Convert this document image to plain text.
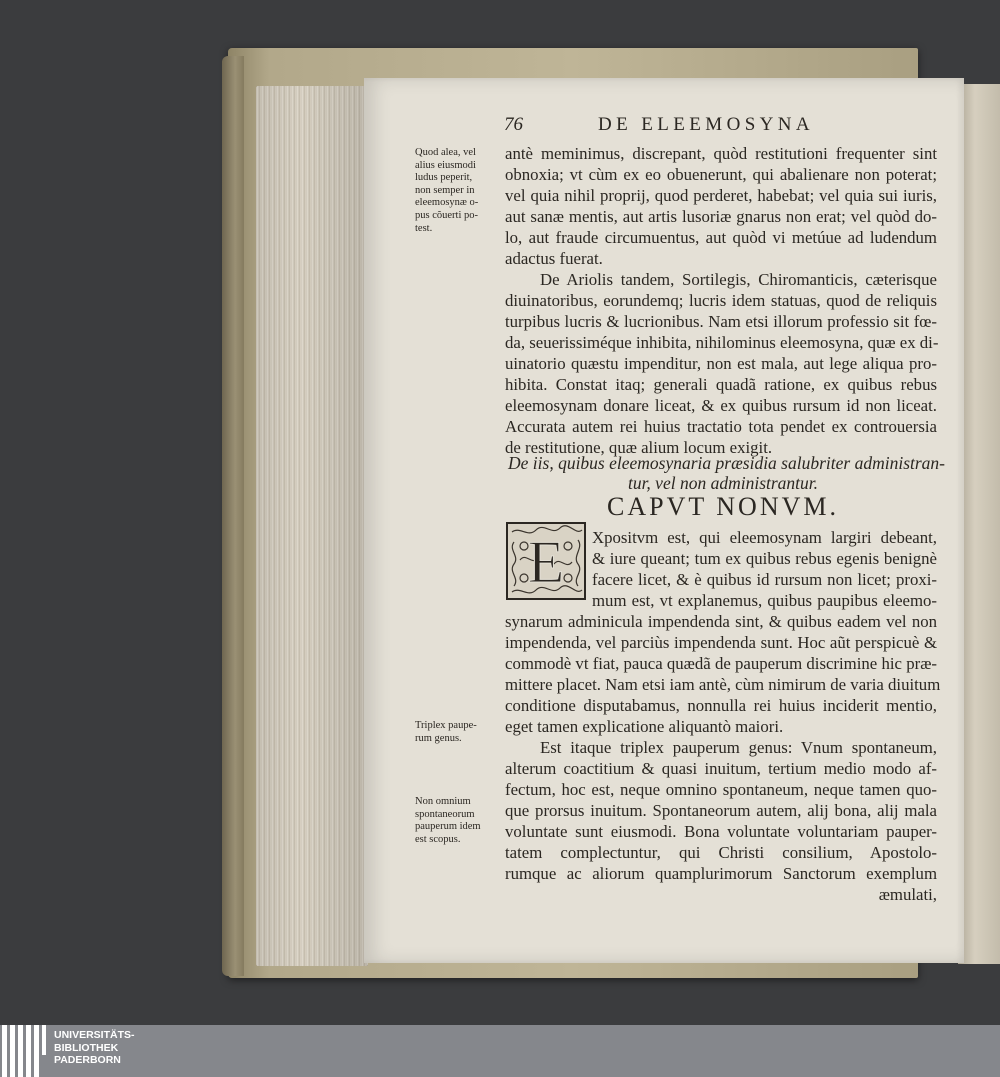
76	DE ELEEMOSYNA
Quod alea, vel
alius eiusmodi
ludus peperit,
non semper in
eleemosynæ o-
pus cõuerti po-
test.
Triplex paupe-
rum genus.
Non omnium
spontaneorum
pauperum idem
est scopus.
antè meminimus, discrepant, quòd restitutioni frequenter sint
obnoxia; vt cùm ex eo obuenerunt, qui abalienare non poterat;
vel quia nihil proprij, quod perderet, habebat; vel quia sui iuris,
aut sanæ mentis, aut artis lusoriæ gnarus non erat; vel quòd do-
lo, aut fraude circumuentus, aut quòd vi metúue ad ludendum
adactus fuerat.
De Ariolis tandem, Sortilegis, Chiromanticis, cæterisque
diuinatoribus, eorundemq; lucris idem statuas, quod de reliquis
turpibus lucris & lucrionibus. Nam etsi illorum professio sit fœ-
da, seuerissiméque inhibita, nihilominus eleemosyna, quæ ex di-
uinatorio quæstu impenditur, non est mala, aut lege aliqua pro-
hibita. Constat itaq; generali quadã ratione, ex quibus rebus
eleemosynam donare liceat, & ex quibus rursum id non liceat.
Accurata autem rei huius tractatio tota pendet ex controuersia
de restitutione, quæ alium locum exigit.
De iis, quibus eleemosynaria præsidia salubriter administran-
tur, vel non administrantur.
CAPVT NONVM.
E Xpositvm est, qui eleemosynam largiri debeant,
& iure queant; tum ex quibus rebus egenis benignè
facere licet, & è quibus id rursum non licet; proxi-
mum est, vt explanemus, quibus paupibus eleemo-
synarum adminicula impendenda sint, & quibus eadem vel non
impendenda, vel parciùs impendenda sunt. Hoc aũt perspicuè &
commodè vt fiat, pauca quædã de pauperum discrimine hic præ-
mittere placet. Nam etsi iam antè, cùm nimirum de varia diuitum
conditione disputabamus, nonnulla rei huius inciderit mentio,
eget tamen explicatione aliquantò maiori.
Est itaque triplex pauperum genus: Vnum spontaneum,
alterum coactitium & quasi inuitum, tertium medio modo af-
fectum, hoc est, neque omnino spontaneum, neque tamen quo-
que prorsus inuitum. Spontaneorum autem, alij bona, alij mala
voluntate sunt eiusmodi. Bona voluntate voluntariam pauper-
tatem complectuntur, qui Christi consilium, Apostolo-
rumque ac aliorum quamplurimorum Sanctorum exemplum
æmulati,
UNIVERSITÄTS-
BIBLIOTHEK
PADERBORN
